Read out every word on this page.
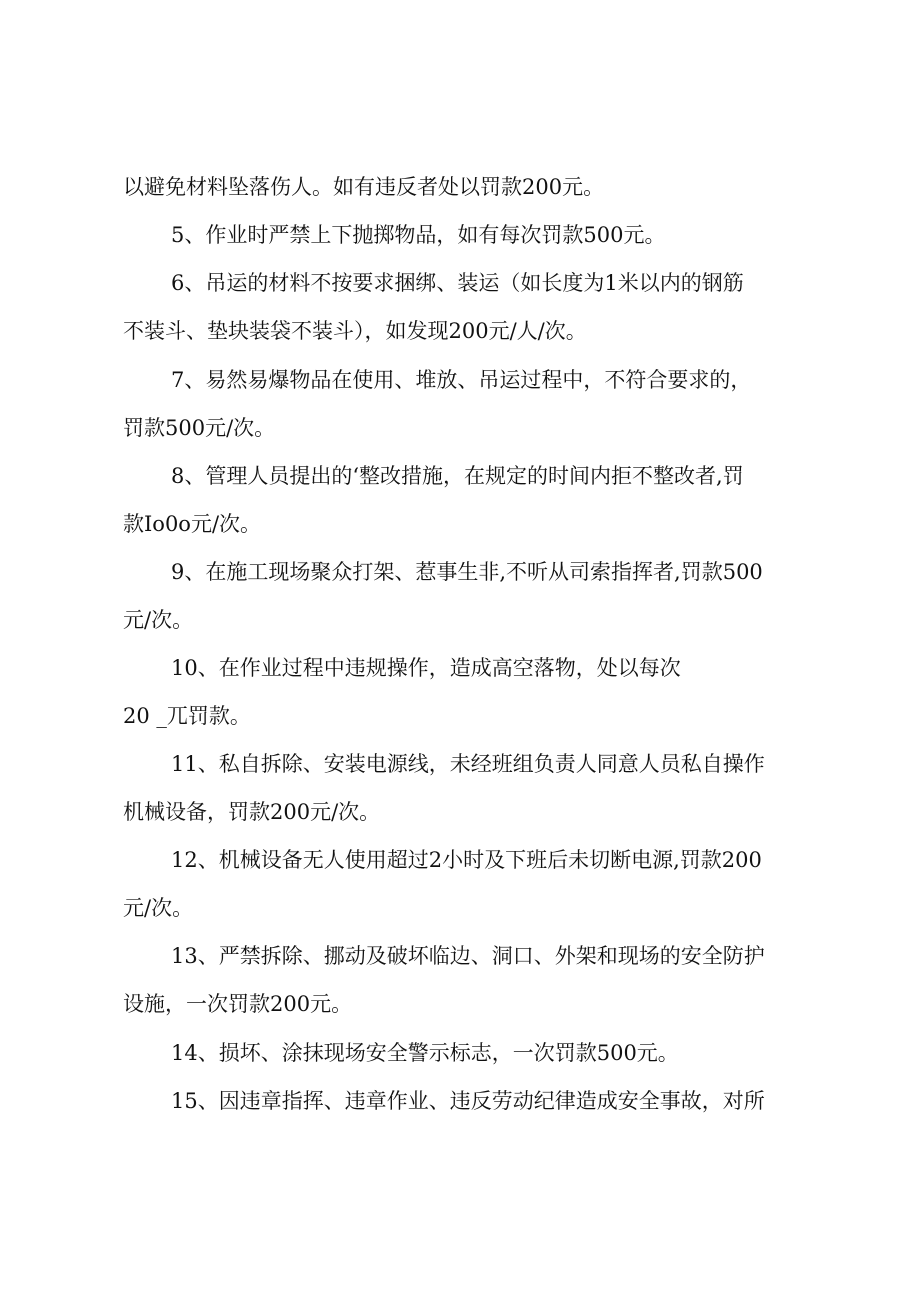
以避免材料坠落伤人。如有违反者处以罚款200元。
5、作业时严禁上下抛掷物品，如有每次罚款500元。
6、吊运的材料不按要求捆绑、装运（如长度为1米以内的钢筋
不装斗、垫块装袋不装斗），如发现200元/人/次。
7、易然易爆物品在使用、堆放、吊运过程中，不符合要求的，
罚款500元/次。
8、管理人员提出的‘整改措施，在规定的时间内拒不整改者,罚
款Io0o元/次。
9、在施工现场聚众打架、惹事生非,不听从司索指挥者,罚款500
元/次。
10、在作业过程中违规操作，造成高空落物，处以每次
20 _兀罚款。
11、私自拆除、安装电源线，未经班组负责人同意人员私自操作
机械设备，罚款200元/次。
12、机械设备无人使用超过2小时及下班后未切断电源,罚款200
元/次。
13、严禁拆除、挪动及破坏临边、洞口、外架和现场的安全防护
设施，一次罚款200元。
14、损坏、涂抹现场安全警示标志，一次罚款500元。
15、因违章指挥、违章作业、违反劳动纪律造成安全事故，对所
